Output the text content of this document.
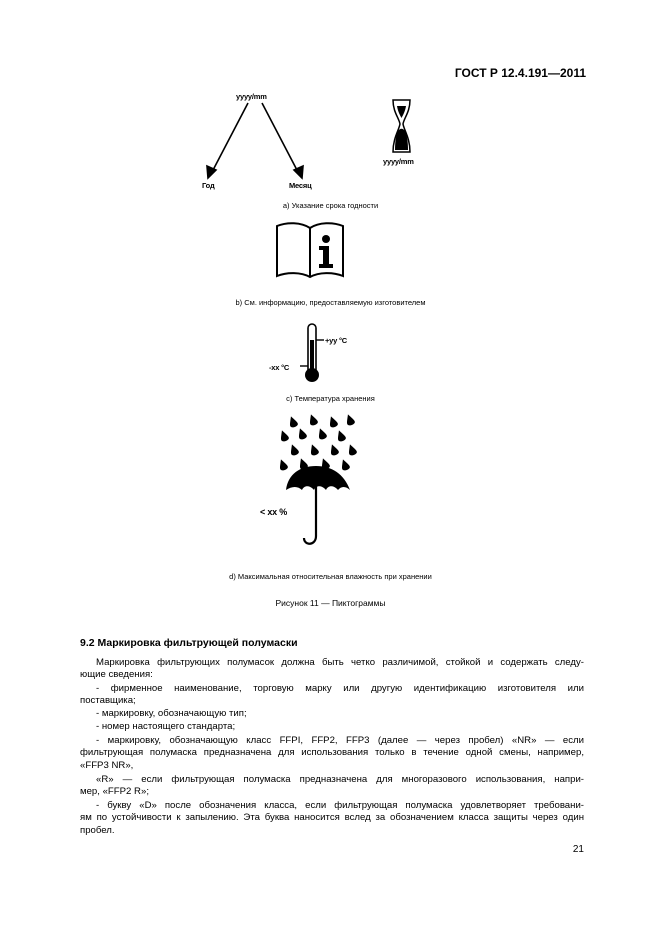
ГОСТ Р 12.4.191—2011
yyyy/mm
Год	Месяц
yyyy/mm
a) Указание срока годности
b) См. информацию, предоставляемую изготовителем
+yy °C
-xx °C
c) Температура хранения
< xx %
d) Максимальная относительная влажность при хранении
Рисунок 11 — Пиктограммы
9.2 Маркировка фильтрующей полумаски
Маркировка фильтрующих полумасок должна быть четко различимой, стойкой и содержать следу-
ющие сведения:
- фирменное наименование, торговую марку или другую идентификацию изготовителя или
поставщика;
- маркировку, обозначающую тип;
- номер настоящего стандарта;
- маркировку, обозначающую класс FFPI, FFP2, FFP3 (далее — через пробел) «NR» — если
фильтрующая полумаска предназначена для использования только в течение одной смены, например,
«FFP3 NR»,
«R» — если фильтрующая полумаска предназначена для многоразового использования, напри-
мер, «FFP2 R»;
- букву «D» после обозначения класса, если фильтрующая полумаска удовлетворяет требовани-
ям по устойчивости к запылению. Эта буква наносится вслед за обозначением класса защиты через один
пробел.
21
